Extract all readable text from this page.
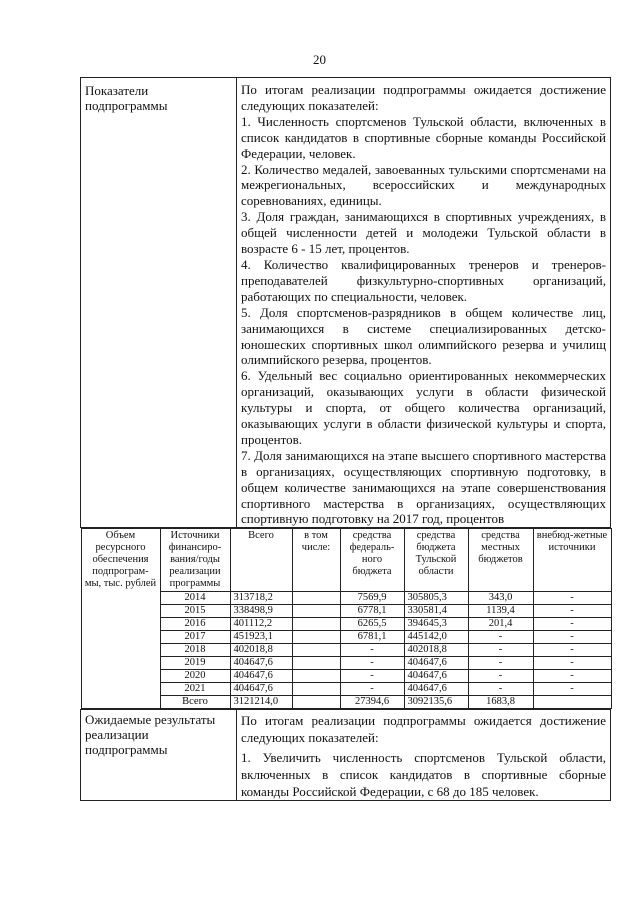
20
Показатели подпрограммы	

По итогам реализации подпрограммы ожидается достижение следующих показателей:

1. Численность спортсменов Тульской области, включенных в список кандидатов в спортивные сборные команды Российской Федерации, человек.

2. Количество медалей, завоеванных тульскими спортсменами на межрегиональных, всероссийских и международных соревнованиях, единицы.

3. Доля граждан, занимающихся в спортивных учреждениях, в общей численности детей и молодежи Тульской области в возрасте 6 - 15 лет, процентов.

4. Количество квалифицированных тренеров и тренеров-преподавателей физкультурно-спортивных организаций, работающих по специальности, человек.

5. Доля спортсменов-разрядников в общем количестве лиц, занимающихся в системе специализированных детско-юношеских спортивных школ олимпийского резерва и училищ олимпийского резерва, процентов.

6. Удельный вес социально ориентированных некоммерческих организаций, оказывающих услуги в области физической культуры и спорта, от общего количества организаций, оказывающих услуги в области физической культуры и спорта, процентов.

7. Доля занимающихся на этапе высшего спортивного мастерства в организациях, осуществляющих спортивную подготовку, в общем количестве занимающихся на этапе совершенствования спортивного мастерства в организациях, осуществляющих спортивную подготовку на 2017 год, процентов

Объем ресурсного обеспечения подпрограм-мы, тыс. рублей	Источники финансиро-вания/годы реализации программы	Всего	в том числе:	средства федераль-ного бюджета	средства бюджета Тульской области	средства местных бюджетов	внебюд-жетные источники
2014	313718,2		7569,9	305805,3	343,0	-
2015	338498,9		6778,1	330581,4	1139,4	-
2016	401112,2		6265,5	394645,3	201,4	-
2017	451923,1		6781,1	445142,0	-	-
2018	402018,8		-	402018,8	-	-
2019	404647,6		-	404647,6	-	-
2020	404647,6		-	404647,6	-	-
2021	404647,6		-	404647,6	-	-
Всего	3121214,0		27394,6	3092135,6	1683,8	

Ожидаемые результаты реализации подпрограммы	

По итогам реализации подпрограммы ожидается достижение следующих показателей:

1. Увеличить численность спортсменов Тульской области, включенных в список кандидатов в спортивные сборные команды Российской Федерации, с 68 до 185 человек.
